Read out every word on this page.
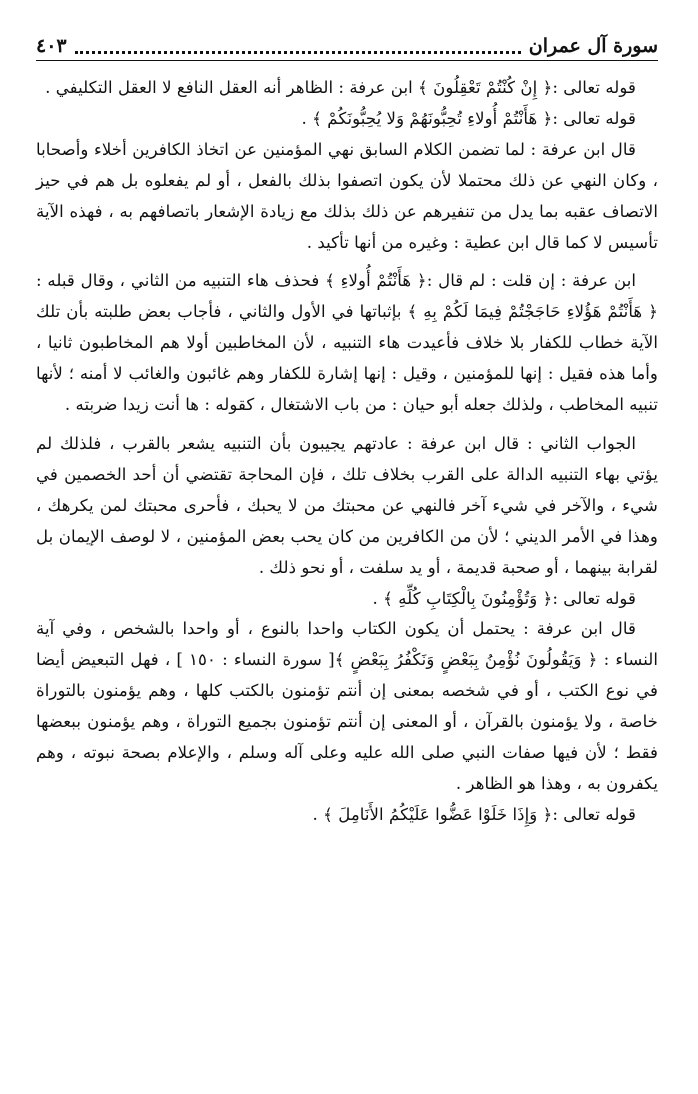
٤٠٣	سورة آل عمران

قوله تعالى :﴿ إِنْ كُنْتُمْ تَعْقِلُونَ ﴾ ابن عرفة : الظاهر أنه العقل النافع لا العقل التكليفي .

قوله تعالى :﴿ هَأَنْتُمْ أُولاءِ تُحِبُّونَهُمْ وَلا يُحِبُّونَكُمْ ﴾ .

قال ابن عرفة : لما تضمن الكلام السابق نهي المؤمنين عن اتخاذ الكافرين أخلاء وأصحابا ، وكان النهي عن ذلك محتملا لأن يكون اتصفوا بذلك بالفعل ، أو لم يفعلوه بل هم في حيز الاتصاف عقبه بما يدل من تنفيرهم عن ذلك بذلك مع زيادة الإشعار باتصافهم به ، فهذه الآية تأسيس لا كما قال ابن عطية : وغيره من أنها تأكيد .

ابن عرفة : إن قلت : لم قال :﴿ هَأَنْتُمْ أُولاءِ ﴾ فحذف هاء التنبيه من الثاني ، وقال قبله : ﴿ هَأَنْتُمْ هَؤُلاءِ حَاجَجْتُمْ فِيمَا لَكُمْ بِهِ ﴾ بإثباتها في الأول والثاني ، فأجاب بعض طلبته بأن تلك الآية خطاب للكفار بلا خلاف فأعيدت هاء التنبيه ، لأن المخاطبين أولا هم المخاطبون ثانيا ، وأما هذه فقيل : إنها للمؤمنين ، وقيل : إنها إشارة للكفار وهم غائبون والغائب لا أمنه ؛ لأنها تنبيه المخاطب ، ولذلك جعله أبو حيان : من باب الاشتغال ، كقوله : ها أنت زيدا ضربته .

الجواب الثاني : قال ابن عرفة : عادتهم يجيبون بأن التنبيه يشعر بالقرب ، فلذلك لم يؤتي بهاء التنبيه الدالة على القرب بخلاف تلك ، فإن المحاجة تقتضي أن أحد الخصمين في شيء ، والآخر في شيء آخر فالنهي عن محبتك من لا يحبك ، فأحرى محبتك لمن يكرهك ، وهذا في الأمر الديني ؛ لأن من الكافرين من كان يحب بعض المؤمنين ، لا لوصف الإيمان بل لقرابة بينهما ، أو صحبة قديمة ، أو يد سلفت ، أو نحو ذلك .

قوله تعالى :﴿ وَتُؤْمِنُونَ بِالْكِتَابِ كُلِّهِ ﴾ .

قال ابن عرفة : يحتمل أن يكون الكتاب واحدا بالنوع ، أو واحدا بالشخص ، وفي آية النساء : ﴿ وَيَقُولُونَ نُؤْمِنُ بِبَعْضٍ وَنَكْفُرُ بِبَعْضٍ ﴾[ سورة النساء : ١٥٠ ] ، فهل التبعيض أيضا في نوع الكتب ، أو في شخصه بمعنى إن أنتم تؤمنون بالكتب كلها ، وهم يؤمنون بالتوراة خاصة ، ولا يؤمنون بالقرآن ، أو المعنى إن أنتم تؤمنون بجميع التوراة ، وهم يؤمنون ببعضها فقط ؛ لأن فيها صفات النبي صلى الله عليه وعلى آله وسلم ، والإعلام بصحة نبوته ، وهم يكفرون به ، وهذا هو الظاهر .

قوله تعالى :﴿ وَإِذَا خَلَوْا عَضُّوا عَلَيْكُمُ الأَنَامِلَ ﴾ .
